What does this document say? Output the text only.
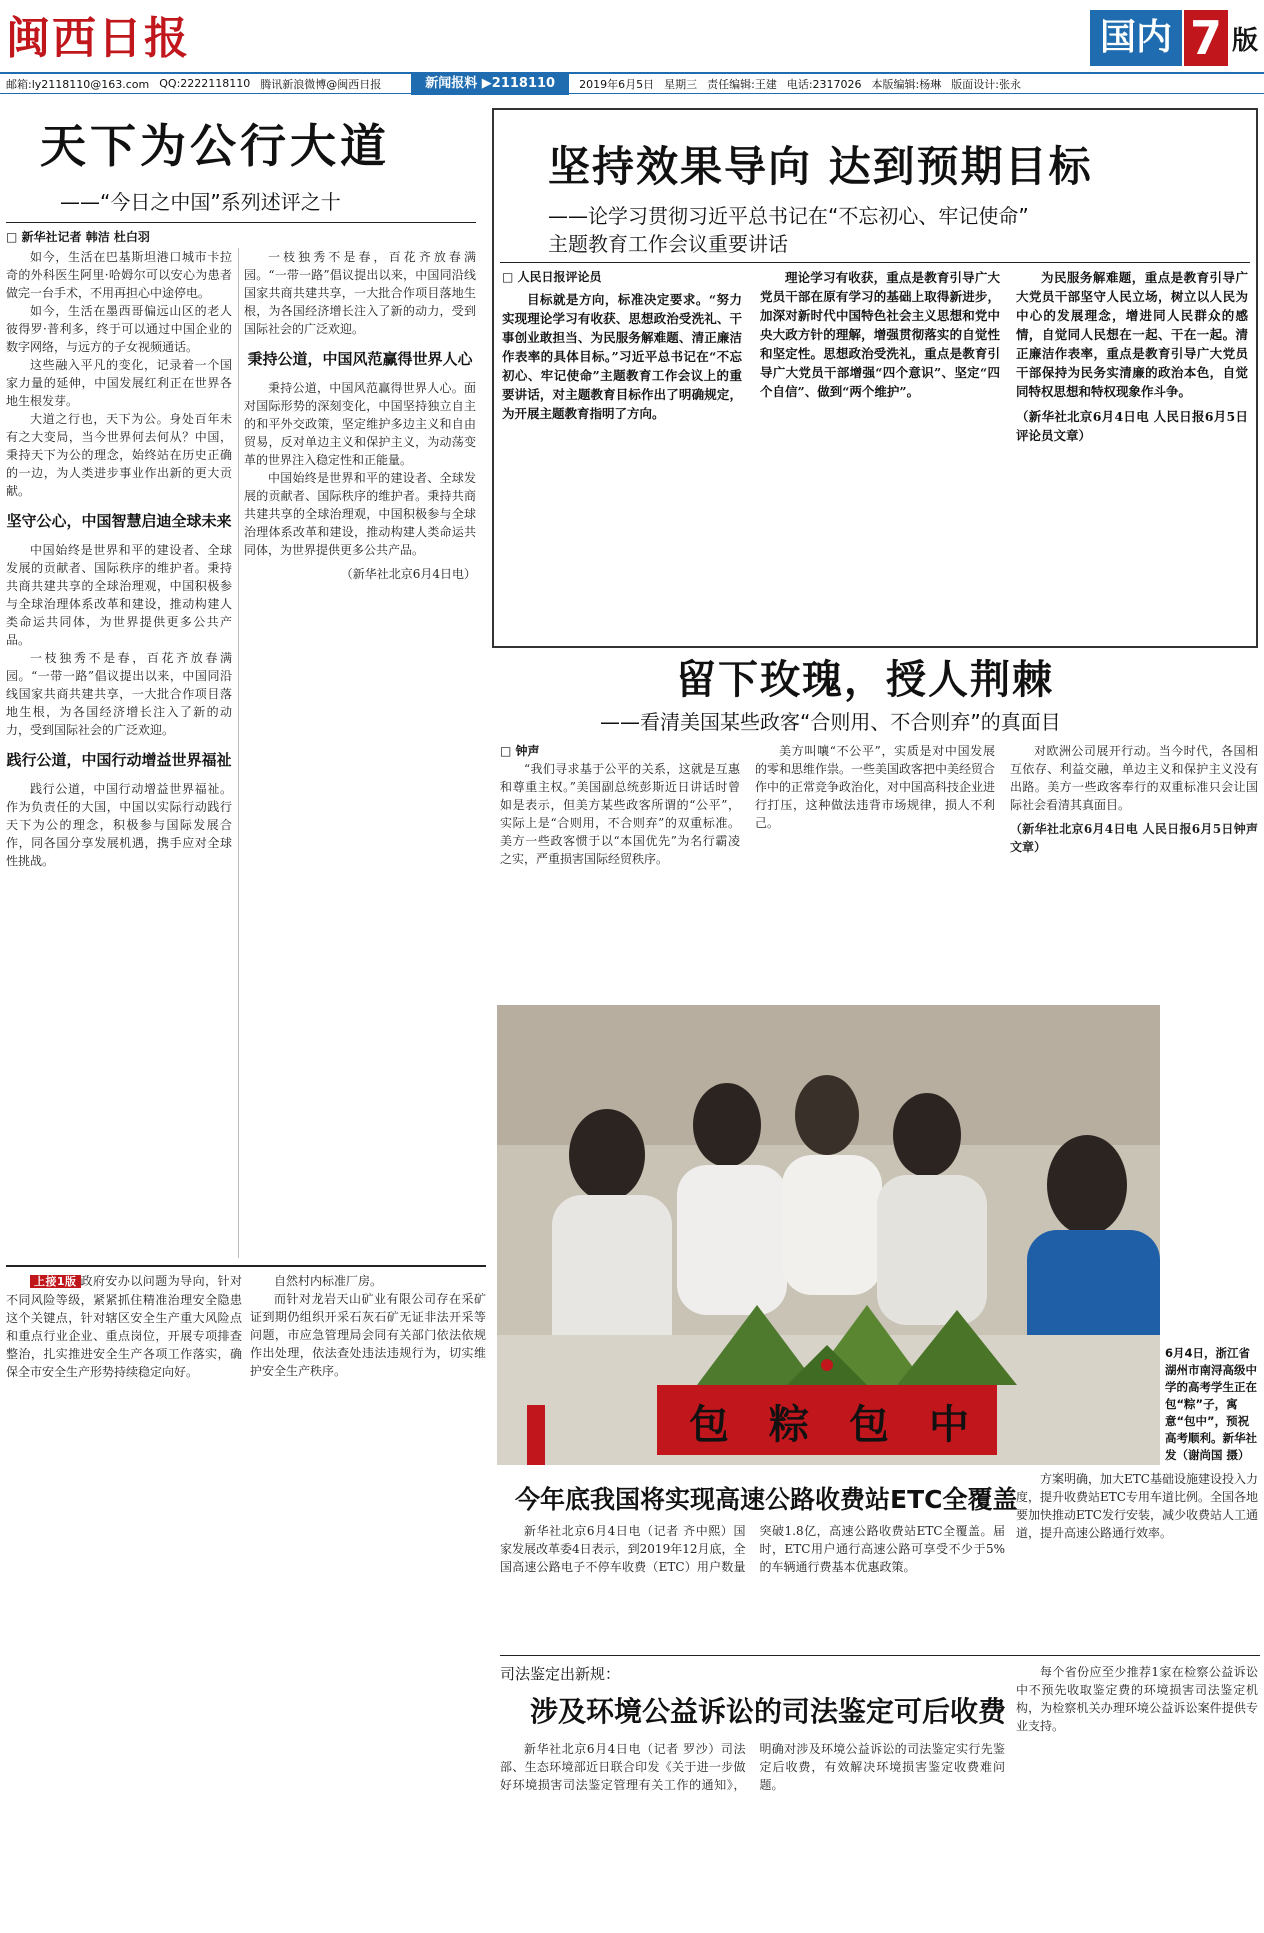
闽西日报	国内 7 版
邮箱:ly2118110@163.com QQ:2222118110 腾讯新浪微博@闽西日报	新闻报料 ▶2118110	2019年6月5日 星期三 责任编辑:王建 电话:2317026 本版编辑:杨琳 版面设计:张永
天下为公行大道
——“今日之中国”系列述评之十
□ 新华社记者 韩洁 杜白羽
如今，生活在巴基斯坦港口城市卡拉奇的外科医生阿里·哈姆尔可以安心为患者做完一台手术，不用再担心中途停电。
如今，生活在墨西哥偏远山区的老人彼得罗·普利多，终于可以通过中国企业的数字网络，与远方的子女视频通话。
这些融入平凡的变化，记录着一个国家力量的延伸，中国发展红利正在世界各地生根发芽。
大道之行也，天下为公。身处百年未有之大变局，当今世界何去何从？中国，秉持天下为公的理念，始终站在历史正确的一边，为人类进步事业作出新的更大贡献。
坚守公心，中国智慧启迪全球未来
中国始终是世界和平的建设者、全球发展的贡献者、国际秩序的维护者。秉持共商共建共享的全球治理观，中国积极参与全球治理体系改革和建设，推动构建人类命运共同体，为世界提供更多公共产品。
一枝独秀不是春，百花齐放春满园。“一带一路”倡议提出以来，中国同沿线国家共商共建共享，一大批合作项目落地生根，为各国经济增长注入了新的动力，受到国际社会的广泛欢迎。
践行公道，中国行动增益世界福祉
践行公道，中国行动增益世界福祉。作为负责任的大国，中国以实际行动践行天下为公的理念，积极参与国际发展合作，同各国分享发展机遇，携手应对全球性挑战。
一枝独秀不是春，百花齐放春满园。“一带一路”倡议提出以来，中国同沿线国家共商共建共享，一大批合作项目落地生根，为各国经济增长注入了新的动力，受到国际社会的广泛欢迎。
秉持公道，中国风范赢得世界人心
秉持公道，中国风范赢得世界人心。面对国际形势的深刻变化，中国坚持独立自主的和平外交政策，坚定维护多边主义和自由贸易，反对单边主义和保护主义，为动荡变革的世界注入稳定性和正能量。
中国始终是世界和平的建设者、全球发展的贡献者、国际秩序的维护者。秉持共商共建共享的全球治理观，中国积极参与全球治理体系改革和建设，推动构建人类命运共同体，为世界提供更多公共产品。
（新华社北京6月4日电）
坚持效果导向 达到预期目标
——论学习贯彻习近平总书记在“不忘初心、牢记使命”
主题教育工作会议重要讲话
□ 人民日报评论员
目标就是方向，标准决定要求。“努力实现理论学习有收获、思想政治受洗礼、干事创业敢担当、为民服务解难题、清正廉洁作表率的具体目标。”习近平总书记在“不忘初心、牢记使命”主题教育工作会议上的重要讲话，对主题教育目标作出了明确规定，为开展主题教育指明了方向。
理论学习有收获，重点是教育引导广大党员干部在原有学习的基础上取得新进步，加深对新时代中国特色社会主义思想和党中央大政方针的理解，增强贯彻落实的自觉性和坚定性。思想政治受洗礼，重点是教育引导广大党员干部增强“四个意识”、坚定“四个自信”、做到“两个维护”。
为民服务解难题，重点是教育引导广大党员干部坚守人民立场，树立以人民为中心的发展理念，增进同人民群众的感情，自觉同人民想在一起、干在一起。清正廉洁作表率，重点是教育引导广大党员干部保持为民务实清廉的政治本色，自觉同特权思想和特权现象作斗争。
（新华社北京6月4日电 人民日报6月5日评论员文章）
留下玫瑰，授人荆棘
——看清美国某些政客“合则用、不合则弃”的真面目
□ 钟声
“我们寻求基于公平的关系，这就是互惠和尊重主权。”美国副总统彭斯近日讲话时曾如是表示，但美方某些政客所谓的“公平”，实际上是“合则用，不合则弃”的双重标准。美方一些政客惯于以“本国优先”为名行霸凌之实，严重损害国际经贸秩序。
美方叫嚷“不公平”，实质是对中国发展的零和思维作祟。一些美国政客把中美经贸合作中的正常竞争政治化，对中国高科技企业进行打压，这种做法违背市场规律，损人不利己。
对欧洲公司展开行动。当今时代，各国相互依存、利益交融，单边主义和保护主义没有出路。美方一些政客奉行的双重标准只会让国际社会看清其真面目。
（新华社北京6月4日电 人民日报6月5日钟声文章）
包 粽 包 中
6月4日，浙江省湖州市南浔高级中学的高考学生正在包“粽”子，寓意“包中”，预祝高考顺利。新华社发（谢尚国 摄）
今年底我国将实现高速公路收费站ETC全覆盖
新华社北京6月4日电（记者 齐中熙）国家发展改革委4日表示，到2019年12月底，全国高速公路电子不停车收费（ETC）用户数量突破1.8亿，高速公路收费站ETC全覆盖。届时，ETC用户通行高速公路可享受不少于5%的车辆通行费基本优惠政策。
方案明确，加大ETC基础设施建设投入力度，提升收费站ETC专用车道比例。全国各地要加快推动ETC发行安装，减少收费站人工通道，提升高速公路通行效率。
司法鉴定出新规：
涉及环境公益诉讼的司法鉴定可后收费
新华社北京6月4日电（记者 罗沙）司法部、生态环境部近日联合印发《关于进一步做好环境损害司法鉴定管理有关工作的通知》，明确对涉及环境公益诉讼的司法鉴定实行先鉴定后收费，有效解决环境损害鉴定收费难问题。
每个省份应至少推荐1家在检察公益诉讼中不预先收取鉴定费的环境损害司法鉴定机构，为检察机关办理环境公益诉讼案件提供专业支持。
上接1版 政府安办以问题为导向，针对不同风险等级，紧紧抓住精准治理安全隐患这个关键点，针对辖区安全生产重大风险点和重点行业企业、重点岗位，开展专项排查整治，扎实推进安全生产各项工作落实，确保全市安全生产形势持续稳定向好。
自然村内标准厂房。
而针对龙岩天山矿业有限公司存在采矿证到期仍组织开采石灰石矿无证非法开采等问题，市应急管理局会同有关部门依法依规作出处理，依法查处违法违规行为，切实维护安全生产秩序。
